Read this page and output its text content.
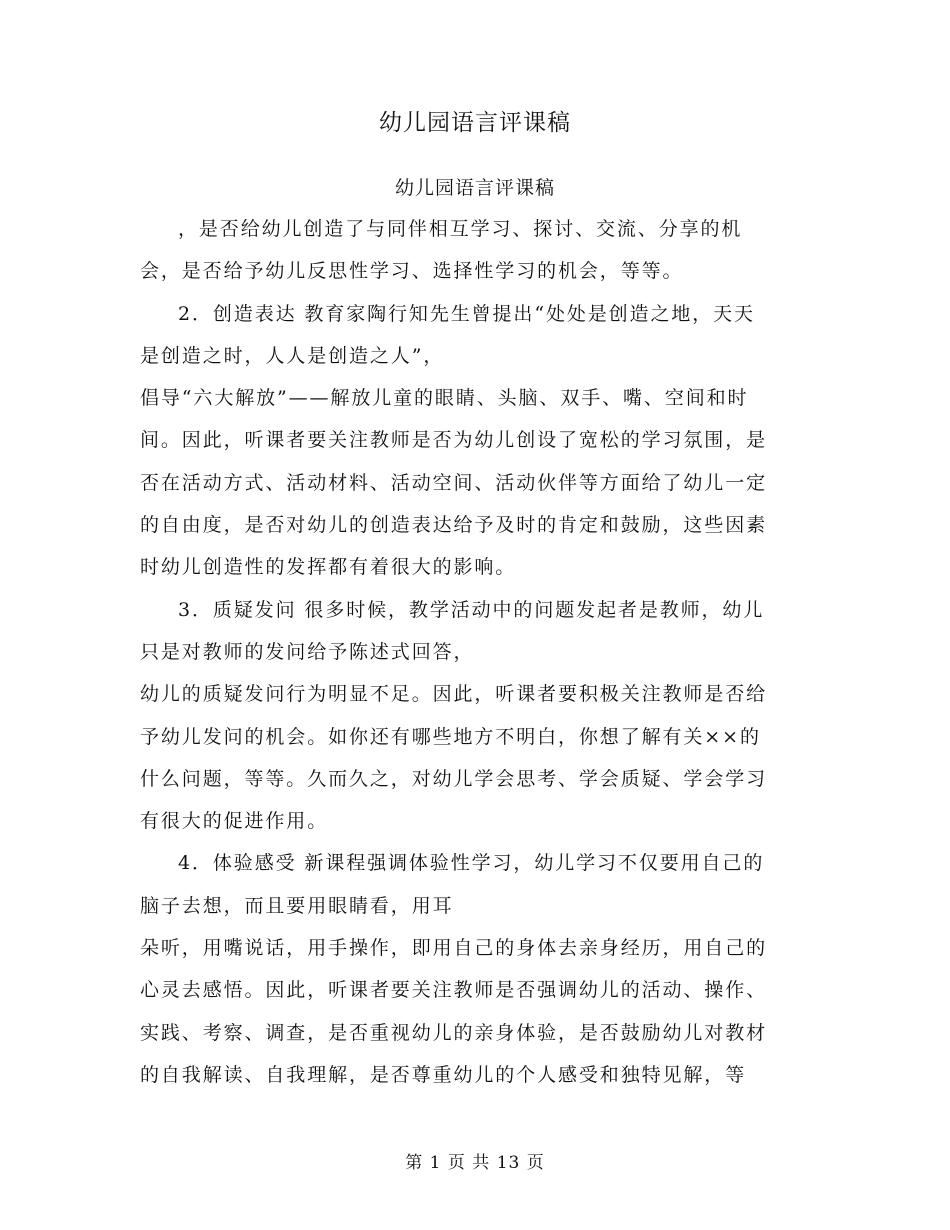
幼儿园语言评课稿
幼儿园语言评课稿
，是否给幼儿创造了与同伴相互学习、探讨、交流、分享的机
会，是否给予幼儿反思性学习、选择性学习的机会，等等。
2．创造表达 教育家陶行知先生曾提出“处处是创造之地，天天
是创造之时，人人是创造之人”，
倡导“六大解放”——解放儿童的眼睛、头脑、双手、嘴、空间和时
间。因此，听课者要关注教师是否为幼儿创设了宽松的学习氛围，是
否在活动方式、活动材料、活动空间、活动伙伴等方面给了幼儿一定
的自由度，是否对幼儿的创造表达给予及时的肯定和鼓励，这些因素
时幼儿创造性的发挥都有着很大的影响。
3．质疑发问 很多时候，教学活动中的问题发起者是教师，幼儿
只是对教师的发问给予陈述式回答，
幼儿的质疑发问行为明显不足。因此，听课者要积极关注教师是否给
予幼儿发问的机会。如你还有哪些地方不明白，你想了解有关××的
什么问题，等等。久而久之，对幼儿学会思考、学会质疑、学会学习
有很大的促进作用。
4．体验感受 新课程强调体验性学习，幼儿学习不仅要用自己的
脑子去想，而且要用眼睛看，用耳
朵听，用嘴说话，用手操作，即用自己的身体去亲身经历，用自己的
心灵去感悟。因此，听课者要关注教师是否强调幼儿的活动、操作、
实践、考察、调查，是否重视幼儿的亲身体验，是否鼓励幼儿对教材
的自我解读、自我理解，是否尊重幼儿的个人感受和独特见解，等
第 1 页 共 13 页
